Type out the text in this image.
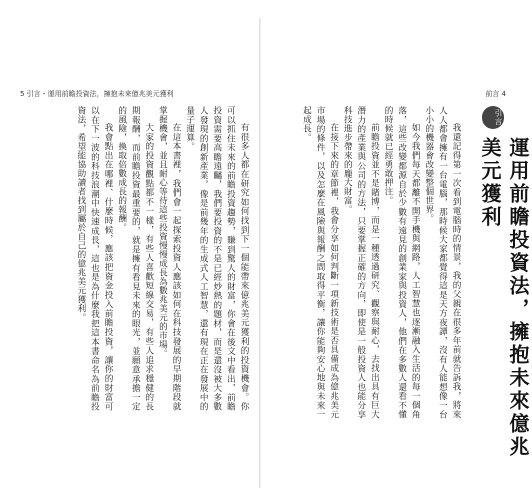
5 引言・運用前瞻投資法，擁抱未來億兆美元獲利

有很多人都在研究如何找到下一個能帶來億兆美元獲利的投資機會。你可以抓住未來的前瞻投資趨勢，賺到驚人的財富，你會在後文中看出，前瞻投資需要高瞻遠矚，我們要投資的不是已經炒熱的題材，而是還沒被大多數人發現的創新產業，像是前幾年的生成式人工智慧，還有現在正在發展中的量子運算。

在這本書裡，我們會一起探索投資人應該如何在科技發展的早期階段就掌握機會，並且耐心等待這些投資慢慢成長為數兆美元的市場。

大家的投資觀點都不一樣，有些人喜歡短線交易，有些人追求穩健的長期報酬，而前瞻投資最重要的，就是擁有看見未來的眼光，並願意承擔一定的風險，換取倍數成長的報酬。

我會點出在哪裡、什麼時候，應該把資金投入前瞻投資，讓你的財富可以在下一波的科技浪潮中快速成長，這也是為什麼我把這本書命名為前瞻投資法，希望能協助讀者找到屬於自己的億兆美元獲利。

前言 4
引言
運用前瞻投資法，擁抱未來億兆美元獲利

我還記得第一次看到電腦時的情景，我的父親在很多年前就告訴我，將來人人都會擁有一台電腦，那時候大家都覺得這是天方夜譚，沒有人能想像一台小小的機器會改變整個世界。

如今我們每天都離不開手機與網路，人工智慧也逐漸融入生活的每一個角落，這些改變都源自於少數有遠見的創業家與投資人，他們在多數人還看不懂的時候就已經勇敢押注。

前瞻投資並不是賭博，而是一種透過研究、觀察與耐心，去找出具有巨大潛力的產業與公司的方法，只要掌握正確的方向，即使是一般投資人也能分享科技進步帶來的龐大財富。

在接下來的章節裡，我會分享如何判斷一項新技術是否具備成為億兆美元市場的條件，以及怎麼在風險與報酬之間取得平衡，讓你能夠安心地與未來一起成長。
